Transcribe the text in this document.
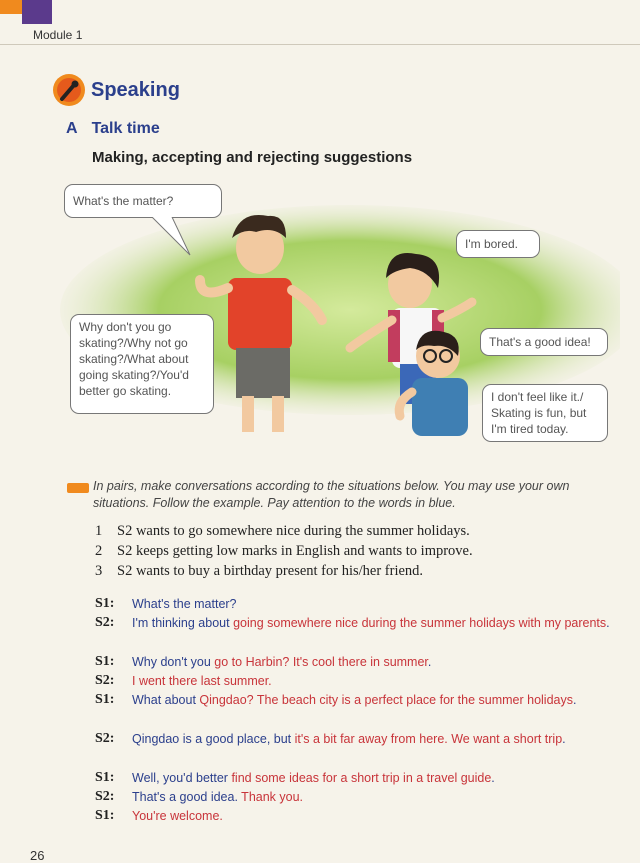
Module 1
Speaking
A Talk time
Making, accepting and rejecting suggestions
What's the matter?
I'm bored.
Why don't you go
skating?/Why not go
skating?/What about
going skating?/You'd
better go skating.
That's a good idea!
I don't feel like it./
Skating is fun, but
I'm tired today.
In pairs, make conversations according to the situations below. You may use your own situations. Follow the example. Pay attention to the words in blue.
1 S2 wants to go somewhere nice during the summer holidays.
2 S2 keeps getting low marks in English and wants to improve.
3 S2 wants to buy a birthday present for his/her friend.
S1: What's the matter?
S2: I'm thinking about going somewhere nice during the summer holidays with my parents.
S1: Why don't you go to Harbin? It's cool there in summer.
S2: I went there last summer.
S1: What about Qingdao? The beach city is a perfect place for the summer holidays.
S2: Qingdao is a good place, but it's a bit far away from here. We want a short trip.
S1: Well, you'd better find some ideas for a short trip in a travel guide.
S2: That's a good idea. Thank you.
S1: You're welcome.
26
